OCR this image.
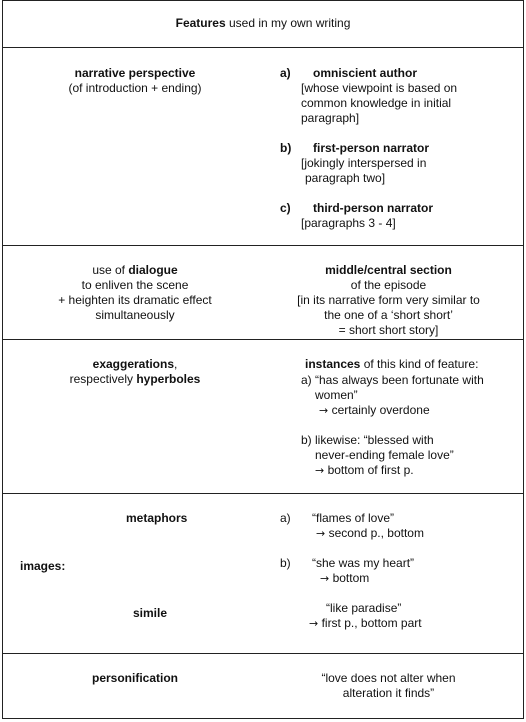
Features used in my own writing
narrative perspective
(of introduction + ending)
a) omniscient author
[whose viewpoint is based on
common knowledge in initial
paragraph]
b) first-person narrator
[jokingly interspersed in
paragraph two]
c) third-person narrator
[paragraphs 3 - 4]
use of dialogue
to enliven the scene
+ heighten its dramatic effect
simultaneously
middle/central section
of the episode
[in its narrative form very similar to
the one of a ‘short short’
= short short story]
exaggerations,
respectively hyperboles
instances of this kind of feature:
a) “has always been fortunate with
women”
→ certainly overdone
b) likewise: “blessed with
never-ending female love”
→ bottom of first p.
images:
metaphors
simile
a) “flames of love”
→ second p., bottom
b) “she was my heart”
→ bottom
“like paradise”
→ first p., bottom part
personification	“love does not alter when
alteration it finds”
